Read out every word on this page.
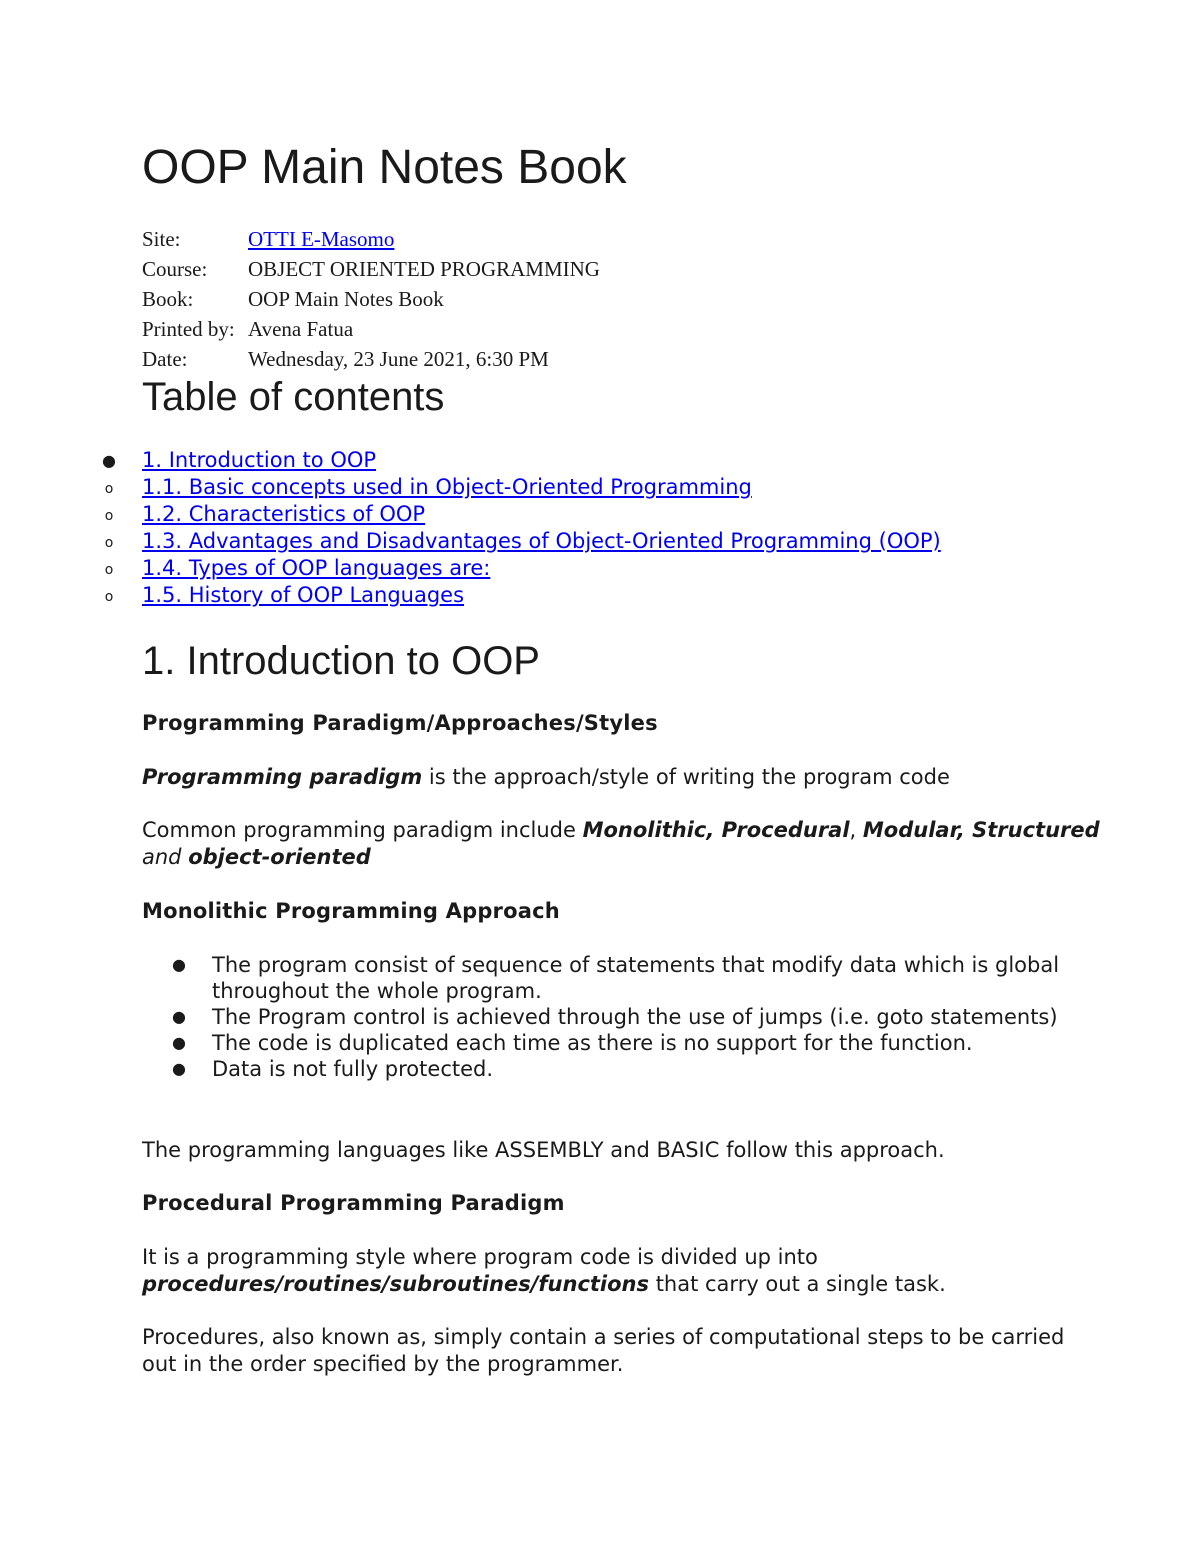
OOP Main Notes Book
Site:	OTTI E-Masomo
Course:	OBJECT ORIENTED PROGRAMMING
Book:	OOP Main Notes Book
Printed by: Avena Fatua
Date:	Wednesday, 23 June 2021, 6:30 PM
Table of contents
● 1. Introduction to OOP
o 1.1. Basic concepts used in Object-Oriented Programming
o 1.2. Characteristics of OOP
o 1.3. Advantages and Disadvantages of Object-Oriented Programming (OOP)
o 1.4. Types of OOP languages are:
o 1.5. History of OOP Languages
1. Introduction to OOP
Programming Paradigm/Approaches/Styles

Programming paradigm is the approach/style of writing the program code

Common programming paradigm include Monolithic, Procedural, Modular, Structured and object-oriented

Monolithic Programming Approach
● The program consist of sequence of statements that modify data which is global throughout the whole program.
● The Program control is achieved through the use of jumps (i.e. goto statements)
● The code is duplicated each time as there is no support for the function.
● Data is not fully protected.

The programming languages like ASSEMBLY and BASIC follow this approach.

Procedural Programming Paradigm

It is a programming style where program code is divided up into procedures/routines/subroutines/functions that carry out a single task.

Procedures, also known as, simply contain a series of computational steps to be carried out in the order specified by the programmer.
